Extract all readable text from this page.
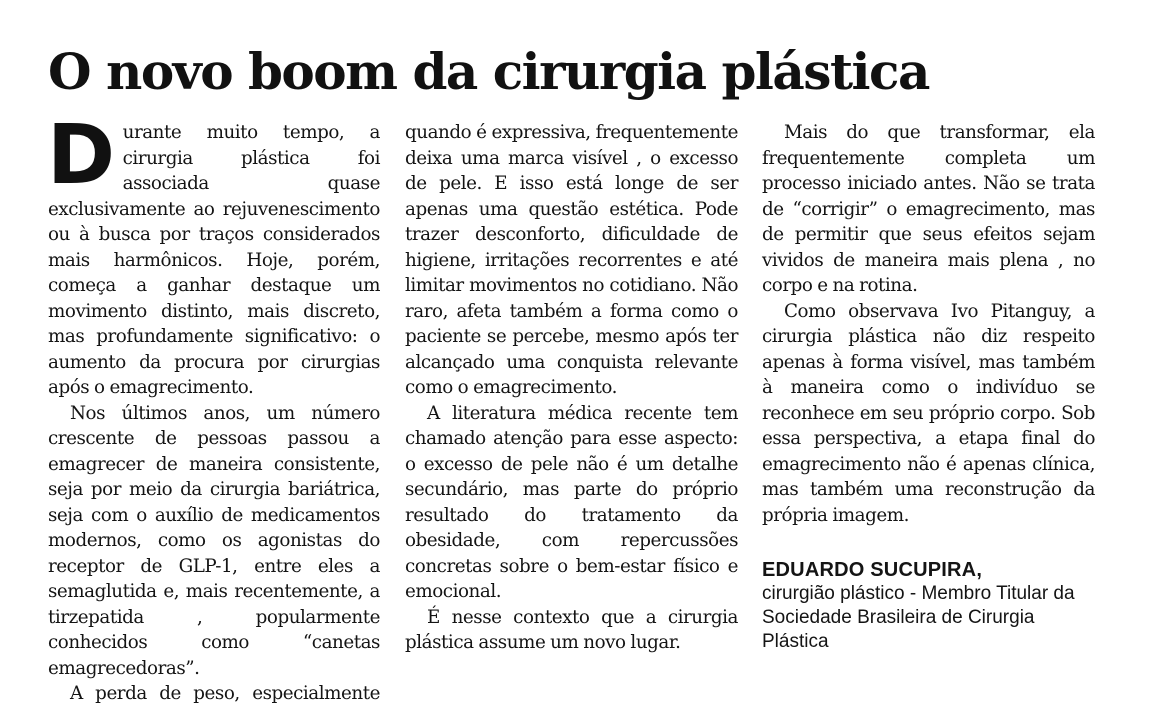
O novo boom da cirurgia plástica

Durante muito tempo, a cirurgia plástica foi associada quase exclusivamente ao rejuvenescimento ou à busca por traços considerados mais harmônicos. Hoje, porém, começa a ganhar destaque um movimento distinto, mais discreto, mas profundamente significativo: o aumento da procura por cirurgias após o emagrecimento.

Nos últimos anos, um número crescente de pessoas passou a emagrecer de maneira consistente, seja por meio da cirurgia bariátrica, seja com o auxílio de medicamentos modernos, como os agonistas do receptor de GLP-1, entre eles a semaglutida e, mais recentemente, a tirzepatida , popularmente conhecidos como “canetas emagrecedoras”.

A perda de peso, especialmente

quando é expressiva, frequentemente deixa uma marca visível , o excesso de pele. E isso está longe de ser apenas uma questão estética. Pode trazer desconforto, dificuldade de higiene, irritações recorrentes e até limitar movimentos no cotidiano. Não raro, afeta também a forma como o paciente se percebe, mesmo após ter alcançado uma conquista relevante como o emagrecimento.

A literatura médica recente tem chamado atenção para esse aspecto: o excesso de pele não é um detalhe secundário, mas parte do próprio resultado do tratamento da obesidade, com repercussões concretas sobre o bem-estar físico e emocional.

É nesse contexto que a cirurgia plástica assume um novo lugar.

Mais do que transformar, ela frequentemente completa um processo iniciado antes. Não se trata de “corrigir” o emagrecimento, mas de permitir que seus efeitos sejam vividos de maneira mais plena , no corpo e na rotina.

Como observava Ivo Pitanguy, a cirurgia plástica não diz respeito apenas à forma visível, mas também à maneira como o indivíduo se reconhece em seu próprio corpo. Sob essa perspectiva, a etapa final do emagrecimento não é apenas clínica, mas também uma reconstrução da própria imagem.

EDUARDO SUCUPIRA,
cirurgião plástico - Membro Titular da Sociedade Brasileira de Cirurgia Plástica
